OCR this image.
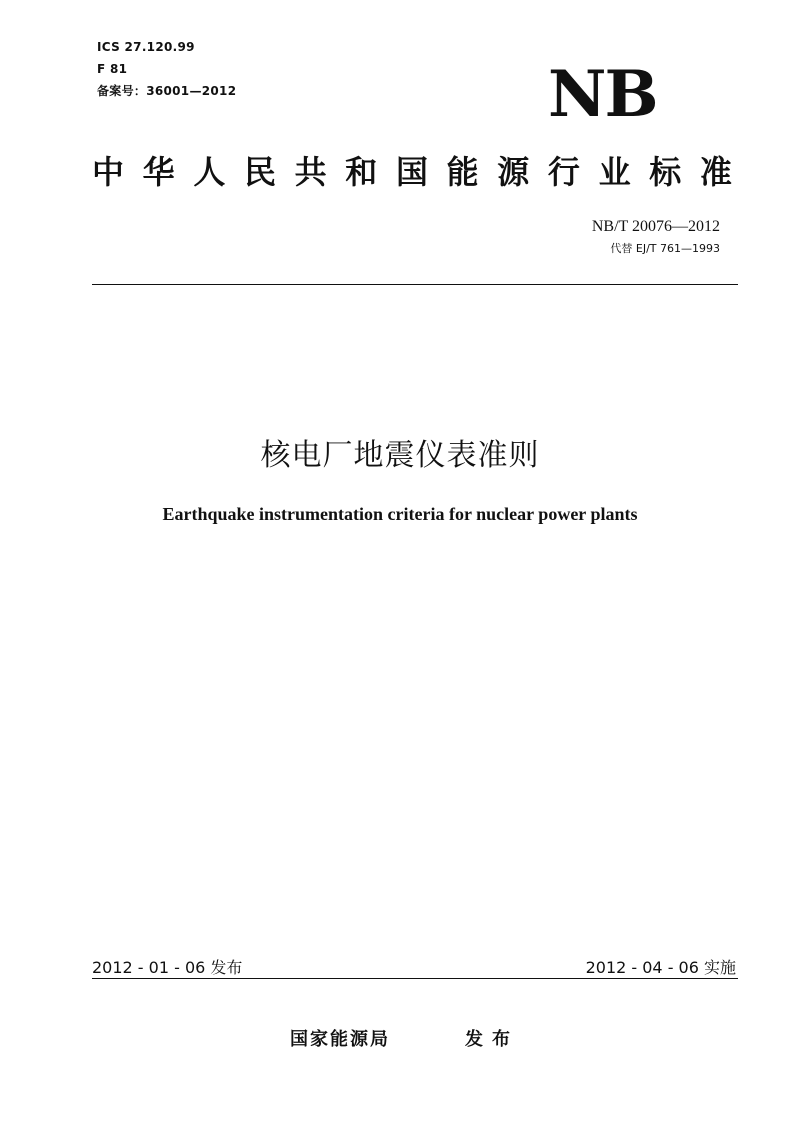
ICS 27.120.99
F 81
备案号：36001—2012	NB
中 华 人 民 共 和 国 能 源 行 业 标 准
NB/T 20076—2012
代替 EJ/T 761—1993
核电厂地震仪表准则
Earthquake instrumentation criteria for nuclear power plants
2012 - 01 - 06 发布	2012 - 04 - 06 实施
国家能源局	发布
